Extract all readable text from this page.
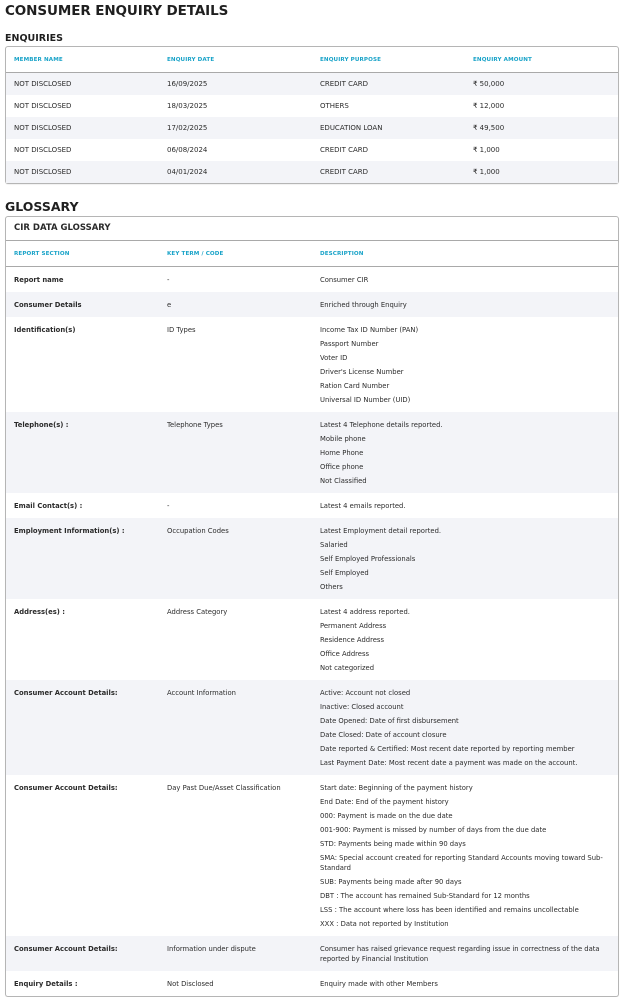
CONSUMER ENQUIRY DETAILS
ENQUIRIES
MEMBER NAME	ENQUIRY DATE	ENQUIRY PURPOSE	ENQUIRY AMOUNT
NOT DISCLOSED	16/09/2025	CREDIT CARD	₹ 50,000
NOT DISCLOSED	18/03/2025	OTHERS	₹ 12,000
NOT DISCLOSED	17/02/2025	EDUCATION LOAN	₹ 49,500
NOT DISCLOSED	06/08/2024	CREDIT CARD	₹ 1,000
NOT DISCLOSED	04/01/2024	CREDIT CARD	₹ 1,000
GLOSSARY
CIR DATA GLOSSARY
REPORT SECTION	KEY TERM / CODE	DESCRIPTION

Report name	-	Consumer CIR

Consumer Details	e	Enriched through Enquiry

Identification(s)	ID Types	Income Tax ID Number (PAN)
Passport Number
Voter ID
Driver's License Number
Ration Card Number
Universal ID Number (UID)

Telephone(s) :	Telephone Types	Latest 4 Telephone details reported.
Mobile phone
Home Phone
Office phone
Not Classified

Email Contact(s) :	-	Latest 4 emails reported.

Employment Information(s) :	Occupation Codes	Latest Employment detail reported.
Salaried
Self Employed Professionals
Self Employed
Others

Address(es) :	Address Category	Latest 4 address reported.
Permanent Address
Residence Address
Office Address
Not categorized

Consumer Account Details:	Account Information	Active: Account not closed
Inactive: Closed account
Date Opened: Date of first disbursement
Date Closed: Date of account closure
Date reported & Certified: Most recent date reported by reporting member
Last Payment Date: Most recent date a payment was made on the account.

Consumer Account Details:	Day Past Due/Asset Classification	Start date: Beginning of the payment history
End Date: End of the payment history
000: Payment is made on the due date
001-900: Payment is missed by number of days from the due date
STD: Payments being made within 90 days
SMA: Special account created for reporting Standard Accounts moving toward Sub-Standard
SUB: Payments being made after 90 days
DBT : The account has remained Sub-Standard for 12 months
LSS : The account where loss has been identified and remains uncollectable
XXX : Data not reported by Institution

Consumer Account Details:	Information under dispute	Consumer has raised grievance request regarding issue in correctness of the data reported by Financial Institution

Enquiry Details :	Not Disclosed	Enquiry made with other Members
